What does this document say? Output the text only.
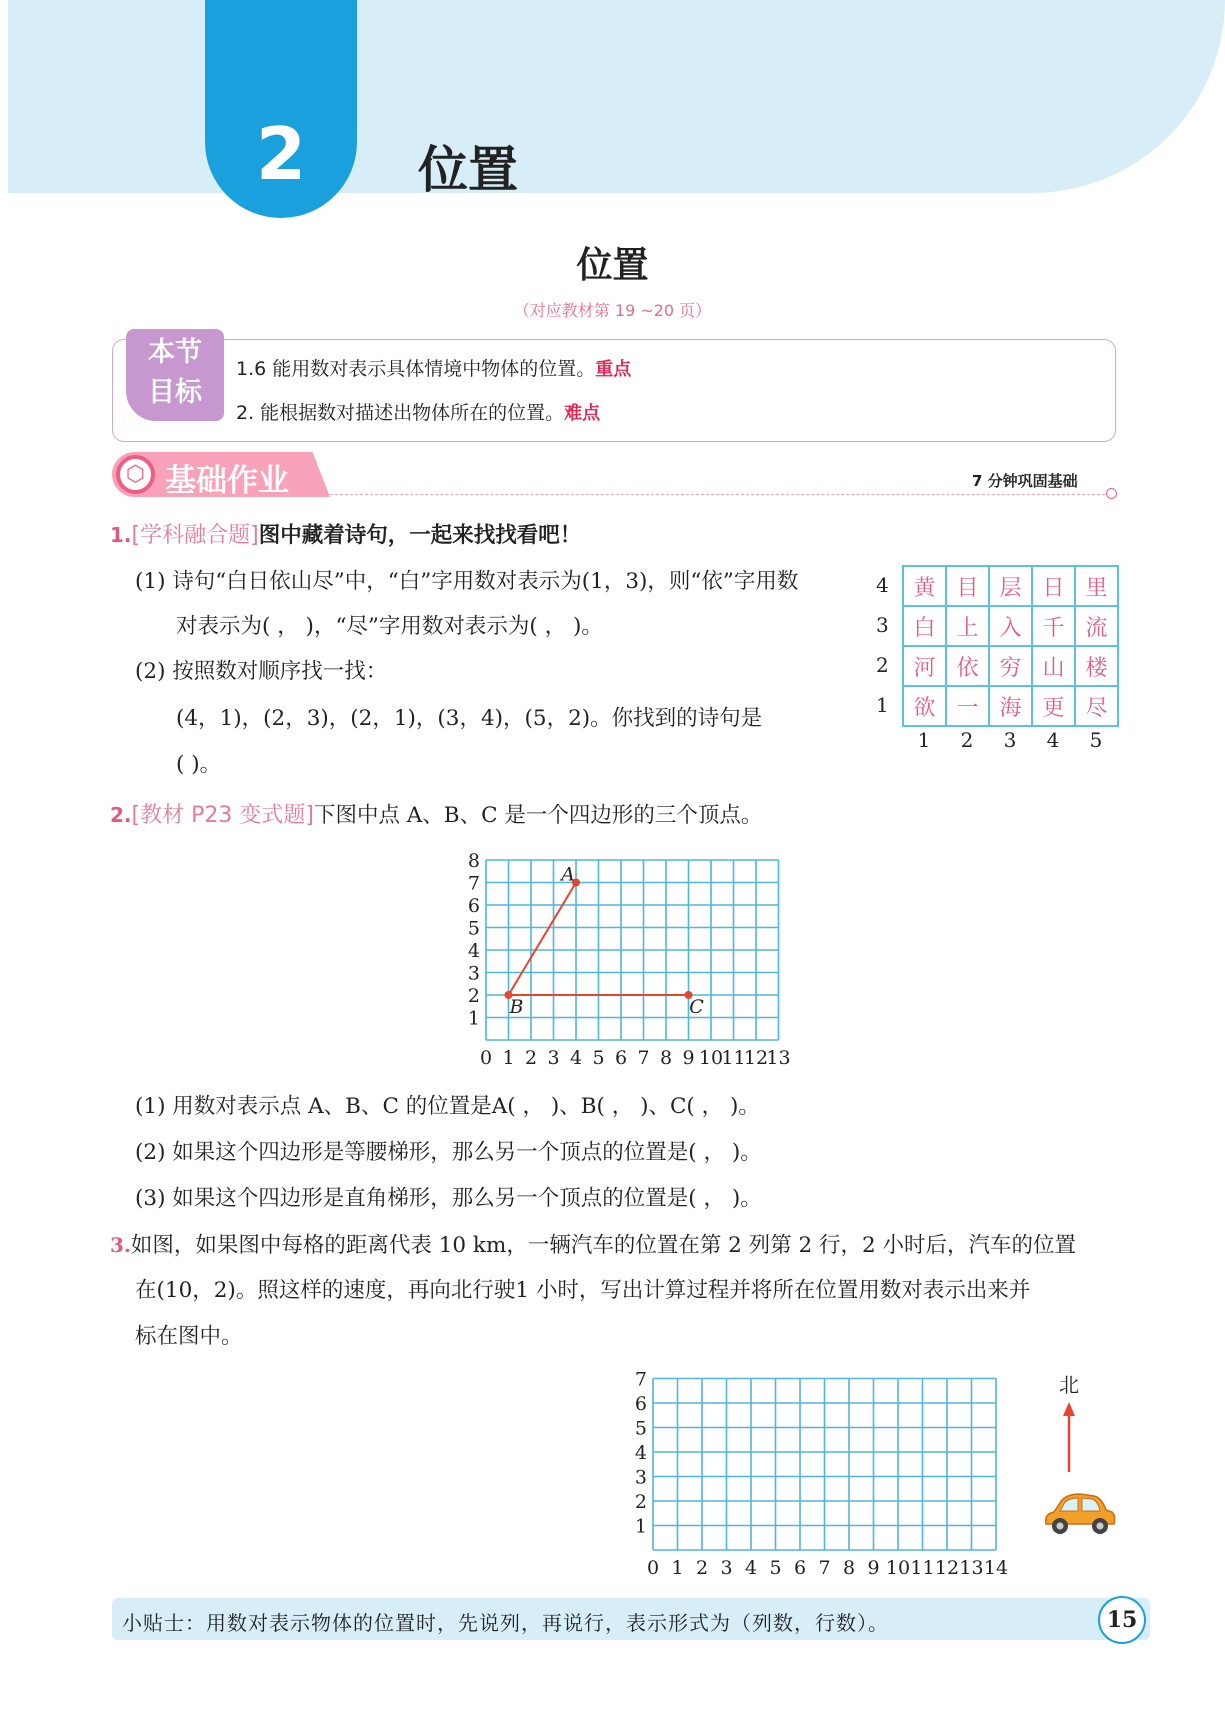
2	位置
位置
（对应教材第 19 ~20 页）
本节
目标
1.6 能用数对表示具体情境中物体的位置。重点
2. 能根据数对描述出物体所在的位置。难点
⬡ 基础作业	7 分钟巩固基础
1.[学科融合题]图中藏着诗句，一起来找找看吧！
(1) 诗句“白日依山尽”中，“白”字用数对表示为(1，3)，则“依”字用数
对表示为( ， )，“尽”字用数对表示为( ， )。
(2) 按照数对顺序找一找：
(4，1)，(2，3)，(2，1)，(3，4)，(5，2)。你找到的诗句是
( )。
黄	目	层	日	里
白	上	入	千	流
河	依	穷	山	楼
欲	一	海	更	尽
4
3
2
1
1 2 3 4 5
2.[教材 P23 变式题]下图中点 A、B、C 是一个四边形的三个顶点。
0 1 2 3 4 5 6 7 8 9 10
11
12
13
1
2
3
4
5
6
7
8
A
B	C
(1) 用数对表示点 A、B、C 的位置是A( ， )、B( ， )、C( ， )。
(2) 如果这个四边形是等腰梯形，那么另一个顶点的位置是( ， )。
(3) 如果这个四边形是直角梯形，那么另一个顶点的位置是( ， )。
3.如图，如果图中每格的距离代表 10 km，一辆汽车的位置在第 2 列第 2 行，2 小时后，汽车的位置
在(10，2)。照这样的速度，再向北行驶1 小时，写出计算过程并将所在位置用数对表示出来并
标在图中。
0 1 2 3 4 5 6 7 8 9 10 11 12 13 14
1
2
3
4
5
6
7	北
小贴士：用数对表示物体的位置时，先说列，再说行，表示形式为（列数，行数）。	15
